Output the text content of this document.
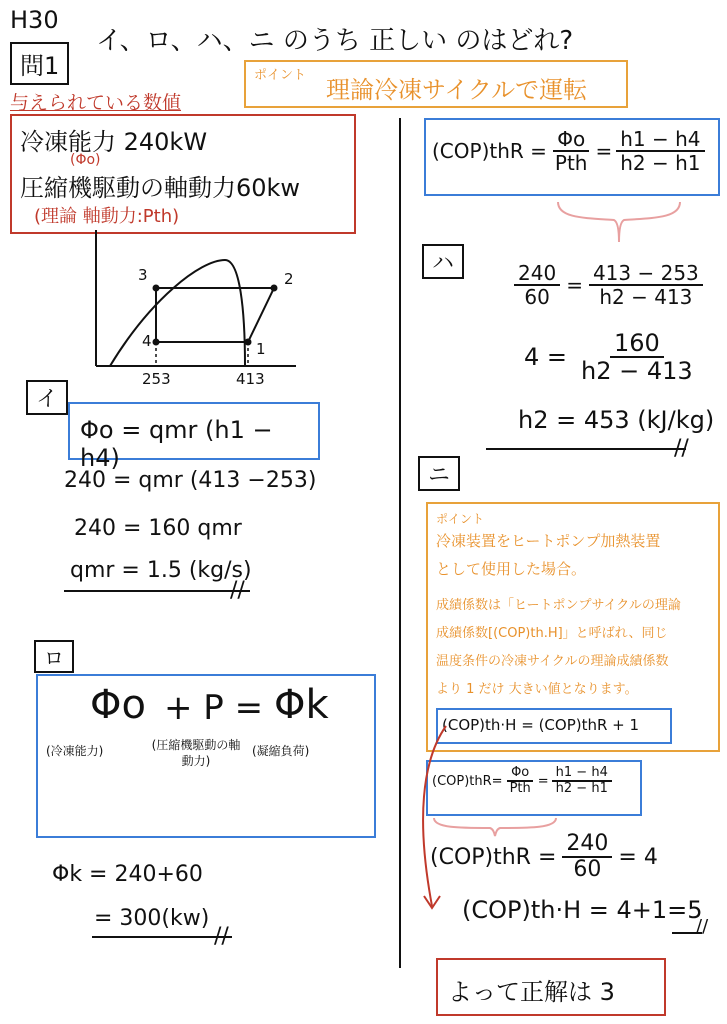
H30
問1
イ、ロ、ハ、ニ のうち 正しい のはどれ?
ポイント
理論冷凍サイクルで運転
与えられている数値
冷凍能力 240kW
(Φo)
圧縮機駆動の軸動力60kw
(理論 軸動力:Pth)
3	2
4	1
253	413
イ
Φo = qmr (h1 − h4)
240 = qmr (413 −253)
240 = 160 qmr
qmr = 1.5 (kg/s)
//
ロ
Φo + P = Φk
(冷凍能力)	(圧縮機駆動の軸動力)
(凝縮負荷)
Φk = 240+60
= 300(kw)
//
$(COP)thR = \frac{\Phi o}{\text{Pth}} = \frac{h1 - h4}{h2 - h1}$
ハ	$\frac{240}{60} = \frac{413 - 253}{h2 - 413}$
$4 = \frac{160}{h2 - 413}$
h2 = 453 (kJ/kg)
//
ニ
ポイント
冷凍装置をヒートポンプ加熱装置
として使用した場合。
成績係数は「ヒートポンプサイクルの理論
成績係数[(COP)th.H]」と呼ばれ、同じ
温度条件の冷凍サイクルの理論成績係数
より 1 だけ 大きい値となります。
(COP)th·H = (COP)thR + 1
$(COP)thR= \frac{\Phi o}{\text{Pth}} = \frac{h1 - h4}{h2 - h1}$
$(COP)thR = \frac{240}{60} = 4$
(COP)th·H = 4+1=5
//
よって正解は 3
